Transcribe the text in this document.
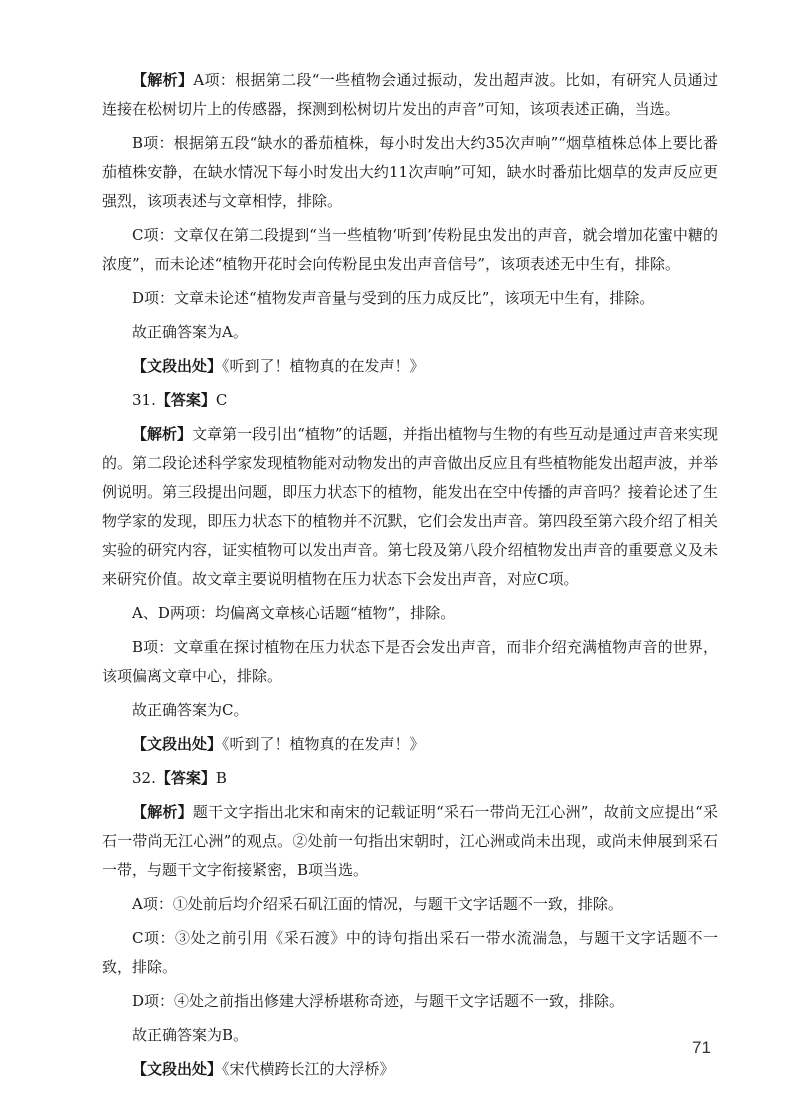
【解析】A项：根据第二段“一些植物会通过振动，发出超声波。比如，有研究人员通过连接在松树切片上的传感器，探测到松树切片发出的声音”可知，该项表述正确，当选。

B项：根据第五段“缺水的番茄植株，每小时发出大约35次声响”“烟草植株总体上要比番茄植株安静，在缺水情况下每小时发出大约11次声响”可知，缺水时番茄比烟草的发声反应更强烈，该项表述与文章相悖，排除。

C项：文章仅在第二段提到“当一些植物‘听到’传粉昆虫发出的声音，就会增加花蜜中糖的浓度”，而未论述“植物开花时会向传粉昆虫发出声音信号”，该项表述无中生有，排除。

D项：文章未论述“植物发声音量与受到的压力成反比”，该项无中生有，排除。

故正确答案为A。

【文段出处】《听到了！植物真的在发声！》

31.【答案】C

【解析】文章第一段引出“植物”的话题，并指出植物与生物的有些互动是通过声音来实现的。第二段论述科学家发现植物能对动物发出的声音做出反应且有些植物能发出超声波，并举例说明。第三段提出问题，即压力状态下的植物，能发出在空中传播的声音吗？接着论述了生物学家的发现，即压力状态下的植物并不沉默，它们会发出声音。第四段至第六段介绍了相关实验的研究内容，证实植物可以发出声音。第七段及第八段介绍植物发出声音的重要意义及未来研究价值。故文章主要说明植物在压力状态下会发出声音，对应C项。

A、D两项：均偏离文章核心话题“植物”，排除。

B项：文章重在探讨植物在压力状态下是否会发出声音，而非介绍充满植物声音的世界，该项偏离文章中心，排除。

故正确答案为C。

【文段出处】《听到了！植物真的在发声！》

32.【答案】B

【解析】题干文字指出北宋和南宋的记载证明“采石一带尚无江心洲”，故前文应提出“采石一带尚无江心洲”的观点。②处前一句指出宋朝时，江心洲或尚未出现，或尚未伸展到采石一带，与题干文字衔接紧密，B项当选。

A项：①处前后均介绍采石矶江面的情况，与题干文字话题不一致，排除。

C项：③处之前引用《采石渡》中的诗句指出采石一带水流湍急，与题干文字话题不一致，排除。

D项：④处之前指出修建大浮桥堪称奇迹，与题干文字话题不一致，排除。

故正确答案为B。

【文段出处】《宋代横跨长江的大浮桥》

71
